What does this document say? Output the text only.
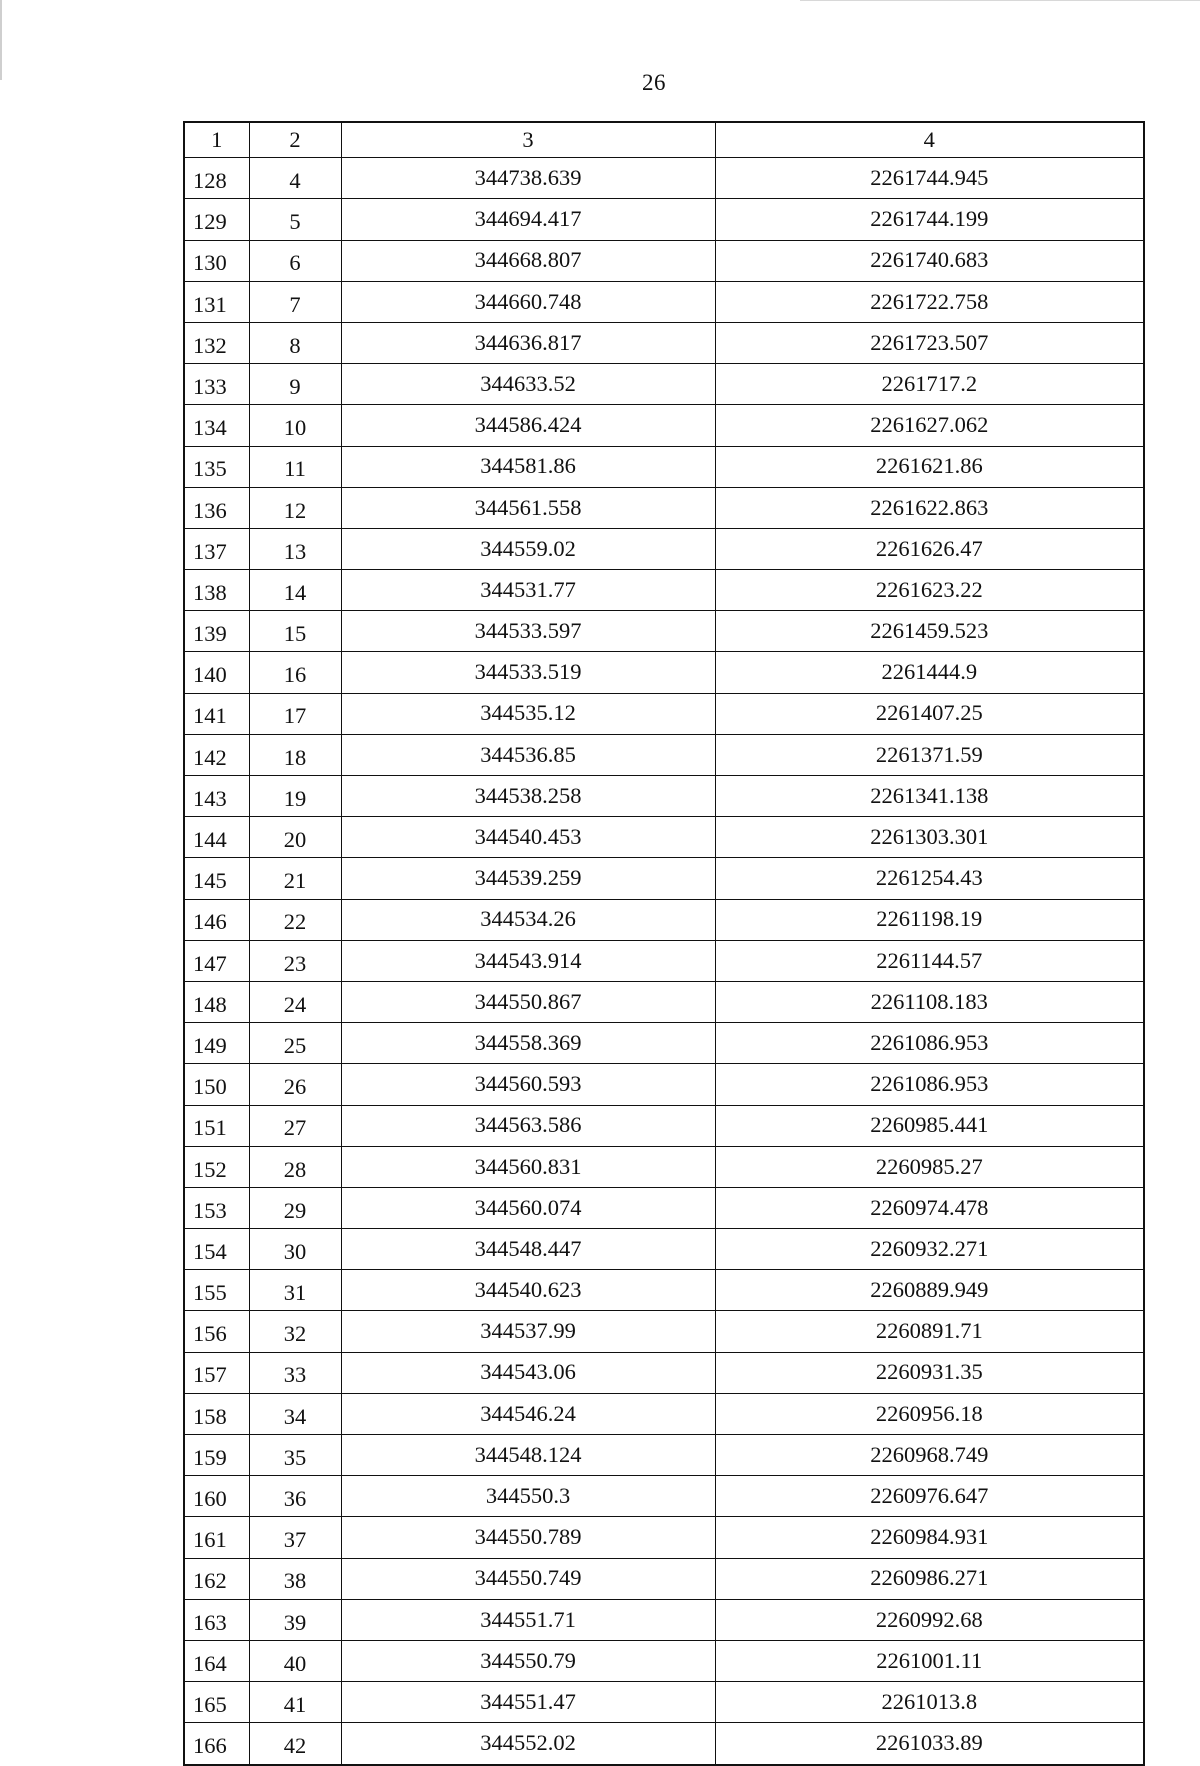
26
1	2	3	4
128	4	344738.639	2261744.945
129	5	344694.417	2261744.199
130	6	344668.807	2261740.683
131	7	344660.748	2261722.758
132	8	344636.817	2261723.507
133	9	344633.52	2261717.2
134	10	344586.424	2261627.062
135	11	344581.86	2261621.86
136	12	344561.558	2261622.863
137	13	344559.02	2261626.47
138	14	344531.77	2261623.22
139	15	344533.597	2261459.523
140	16	344533.519	2261444.9
141	17	344535.12	2261407.25
142	18	344536.85	2261371.59
143	19	344538.258	2261341.138
144	20	344540.453	2261303.301
145	21	344539.259	2261254.43
146	22	344534.26	2261198.19
147	23	344543.914	2261144.57
148	24	344550.867	2261108.183
149	25	344558.369	2261086.953
150	26	344560.593	2261086.953
151	27	344563.586	2260985.441
152	28	344560.831	2260985.27
153	29	344560.074	2260974.478
154	30	344548.447	2260932.271
155	31	344540.623	2260889.949
156	32	344537.99	2260891.71
157	33	344543.06	2260931.35
158	34	344546.24	2260956.18
159	35	344548.124	2260968.749
160	36	344550.3	2260976.647
161	37	344550.789	2260984.931
162	38	344550.749	2260986.271
163	39	344551.71	2260992.68
164	40	344550.79	2261001.11
165	41	344551.47	2261013.8
166	42	344552.02	2261033.89
